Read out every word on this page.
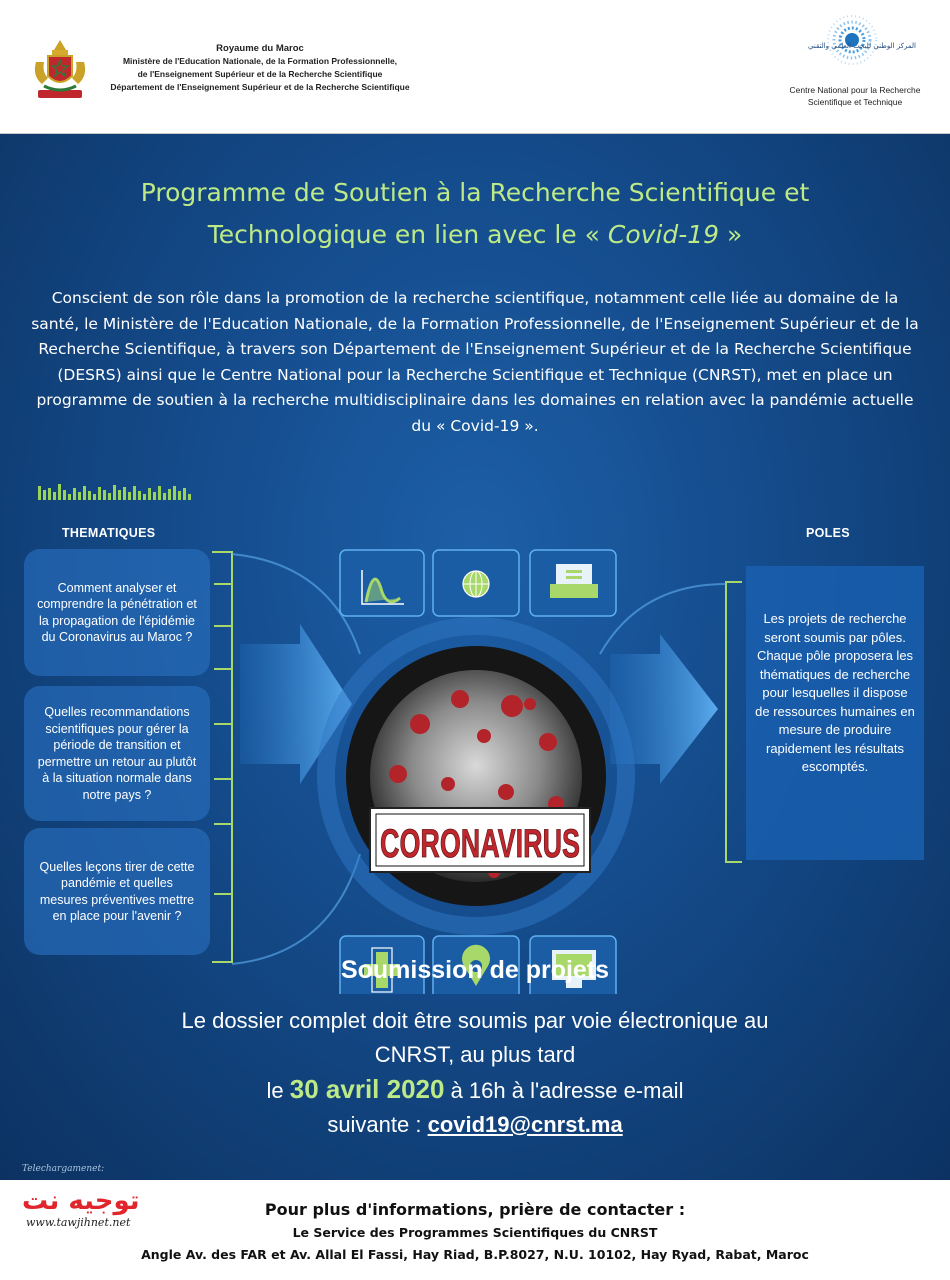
Royaume du Maroc
Ministère de l'Education Nationale, de la Formation Professionnelle,
de l'Enseignement Supérieur et de la Recherche Scientifique
Département de l'Enseignement Supérieur et de la Recherche Scientifique
المركز الوطني للبحث العلمي والتقني
Centre National pour la Recherche Scientifique et Technique
Programme de Soutien à la Recherche Scientifique et
Technologique en lien avec le « Covid-19 »
Conscient de son rôle dans la promotion de la recherche scientifique, notamment celle liée au domaine de la santé, le Ministère de l'Education Nationale, de la Formation Professionnelle, de l'Enseignement Supérieur et de la Recherche Scientifique, à travers son Département de l'Enseignement Supérieur et de la Recherche Scientifique (DESRS) ainsi que le Centre National pour la Recherche Scientifique et Technique (CNRST), met en place un programme de soutien à la recherche multidisciplinaire dans les domaines en relation avec la pandémie actuelle du « Covid-19 ».
CORONAVIRUS
THEMATIQUES	POLES
Comment analyser et comprendre la pénétration et la propagation de l'épidémie du Coronavirus au Maroc ?
Quelles recommandations scientifiques pour gérer la période de transition et permettre un retour au plutôt à la situation normale dans notre pays ?
Quelles leçons tirer de cette pandémie et quelles mesures préventives mettre en place pour l'avenir ?
Les projets de recherche seront soumis par pôles. Chaque pôle proposera les thématiques de recherche pour lesquelles il dispose de ressources humaines en mesure de produire rapidement les résultats escomptés.
Soumission de projets
Le dossier complet doit être soumis par voie électronique au CNRST, au plus tard
le 30 avril 2020 à 16h à l'adresse e-mail
suivante : covid19@cnrst.ma
Telechargamenet:
توجيه نت
www.tawjihnet.net
Pour plus d'informations, prière de contacter :
Le Service des Programmes Scientifiques du CNRST
Angle Av. des FAR et Av. Allal El Fassi, Hay Riad, B.P.8027, N.U. 10102, Hay Ryad, Rabat, Maroc
